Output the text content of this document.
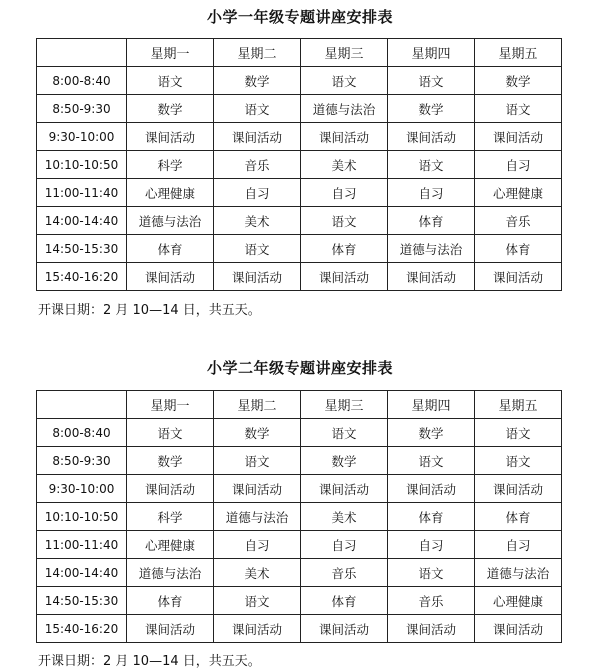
小学一年级专题讲座安排表
	星期一	星期二	星期三	星期四	星期五
8:00-8:40	语文	数学	语文	语文	数学
8:50-9:30	数学	语文	道德与法治	数学	语文
9:30-10:00	课间活动	课间活动	课间活动	课间活动	课间活动
10:10-10:50	科学	音乐	美术	语文	自习
11:00-11:40	心理健康	自习	自习	自习	心理健康
14:00-14:40	道德与法治	美术	语文	体育	音乐
14:50-15:30	体育	语文	体育	道德与法治	体育
15:40-16:20	课间活动	课间活动	课间活动	课间活动	课间活动
开课日期：2 月 10—14 日，共五天。
小学二年级专题讲座安排表
	星期一	星期二	星期三	星期四	星期五
8:00-8:40	语文	数学	语文	数学	语文
8:50-9:30	数学	语文	数学	语文	语文
9:30-10:00	课间活动	课间活动	课间活动	课间活动	课间活动
10:10-10:50	科学	道德与法治	美术	体育	体育
11:00-11:40	心理健康	自习	自习	自习	自习
14:00-14:40	道德与法治	美术	音乐	语文	道德与法治
14:50-15:30	体育	语文	体育	音乐	心理健康
15:40-16:20	课间活动	课间活动	课间活动	课间活动	课间活动
开课日期：2 月 10—14 日，共五天。
